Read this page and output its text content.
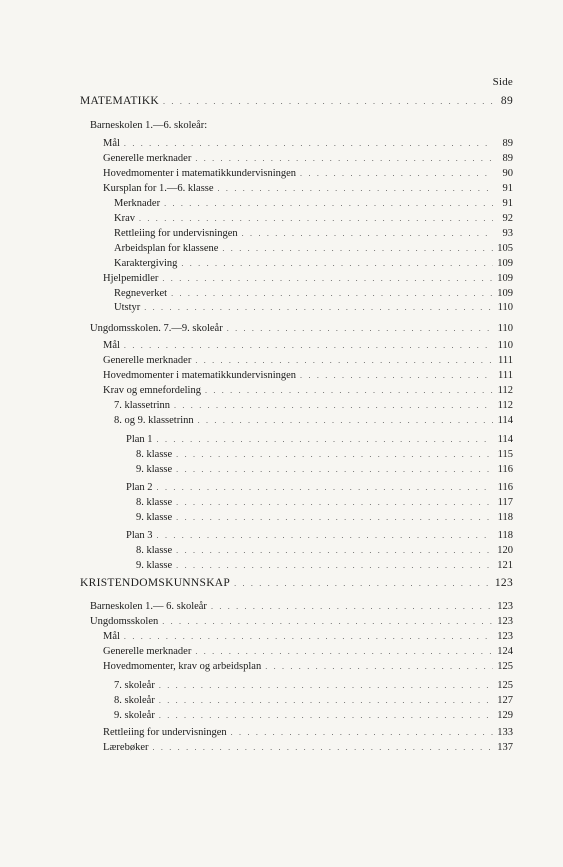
Side
MATEMATIKK . . .	89
Barneskolen 1.—6. skoleår:
Mål . . .	89
Generelle merknader . . .	89
Hovedmomenter i matematikkundervisningen . . .	90
Kursplan for 1.—6. klasse . . .	91
Merknader . . .	91
Krav . . .	92
Rettleiing for undervisningen . . .	93
Arbeidsplan for klassene . . .	105
Karaktergiving . . .	109
Hjelpemidler . . .	109
Regneverket . . .	109
Utstyr . . .	110
Ungdomsskolen. 7.—9. skoleår . . .	110
Mål . . .	110
Generelle merknader . . .	111
Hovedmomenter i matematikkundervisningen . . .	111
Krav og emnefordeling . . .	112
7. klassetrinn . . .	112
8. og 9. klassetrinn . . .	114
Plan 1 . . .	114
8. klasse . . .	115
9. klasse . . .	116
Plan 2 . . .	116
8. klasse . . .	117
9. klasse . . .	118
Plan 3 . . .	118
8. klasse . . .	120
9. klasse . . .	121
KRISTENDOMSKUNNSKAP . . .	123
Barneskolen 1.— 6. skoleår . . .	123
Ungdomsskolen . . .	123
Mål . . .	123
Generelle merknader . . .	124
Hovedmomenter, krav og arbeidsplan . . .	125
7. skoleår . . .	125
8. skoleår . . .	127
9. skoleår . . .	129
Rettleiing for undervisningen . . .	133
Lærebøker . . .	137
